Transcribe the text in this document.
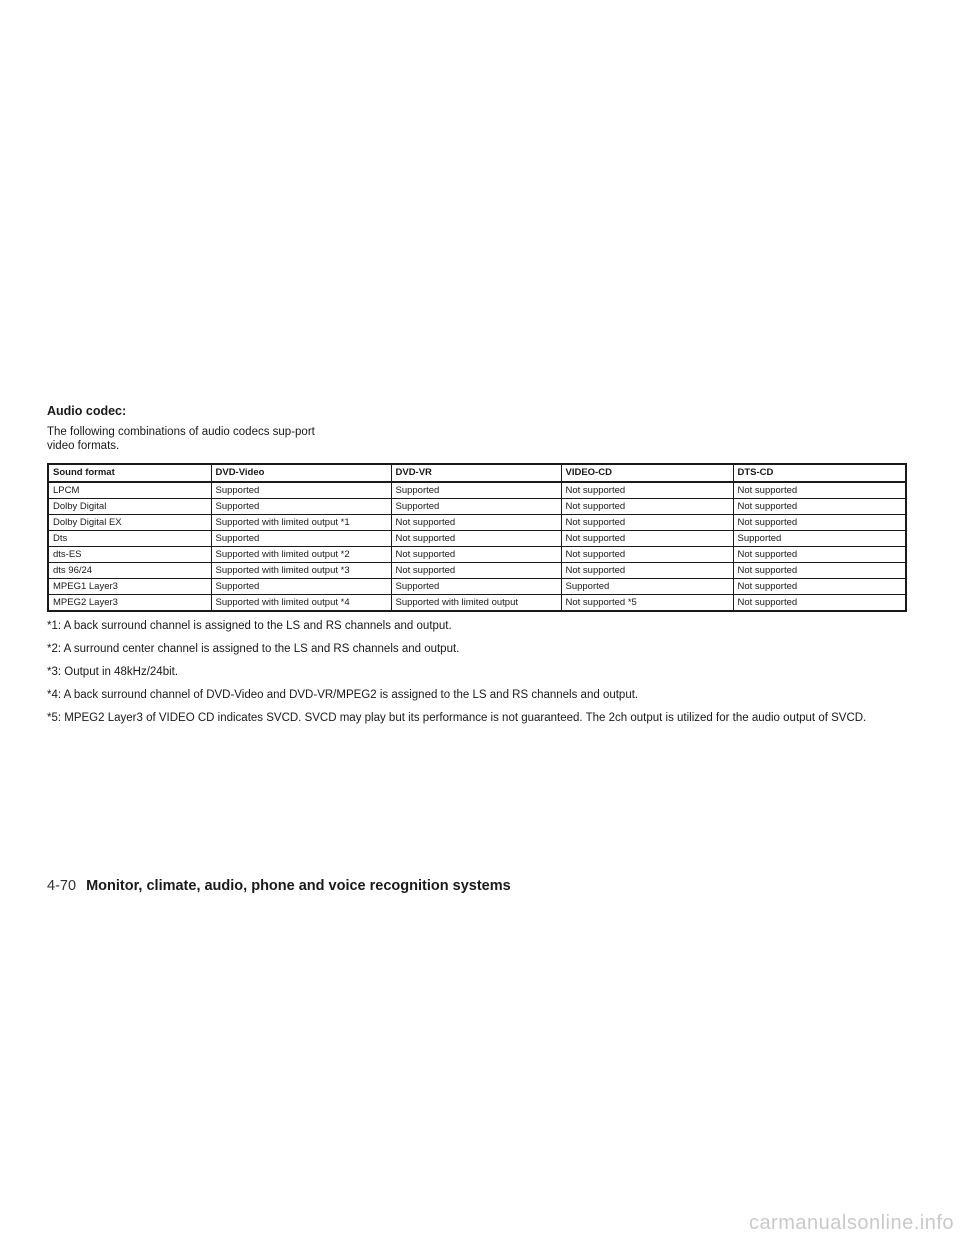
Audio codec:

The following combinations of audio codecs sup-port video formats.

Sound format	DVD-Video	DVD-VR	VIDEO-CD	DTS-CD
LPCM	Supported	Supported	Not supported	Not supported
Dolby Digital	Supported	Supported	Not supported	Not supported
Dolby Digital EX	Supported with limited output *1	Not supported	Not supported	Not supported
Dts	Supported	Not supported	Not supported	Supported
dts-ES	Supported with limited output *2	Not supported	Not supported	Not supported
dts 96/24	Supported with limited output *3	Not supported	Not supported	Not supported
MPEG1 Layer3	Supported	Supported	Supported	Not supported
MPEG2 Layer3	Supported with limited output *4	Supported with limited output	Not supported *5	Not supported

*1: A back surround channel is assigned to the LS and RS channels and output.

*2: A surround center channel is assigned to the LS and RS channels and output.

*3: Output in 48kHz/24bit.

*4: A back surround channel of DVD-Video and DVD-VR/MPEG2 is assigned to the LS and RS channels and output.

*5: MPEG2 Layer3 of VIDEO CD indicates SVCD. SVCD may play but its performance is not guaranteed. The 2ch output is utilized for the audio output of SVCD.

4-70 Monitor, climate, audio, phone and voice recognition systems
carmanualsonline.info
